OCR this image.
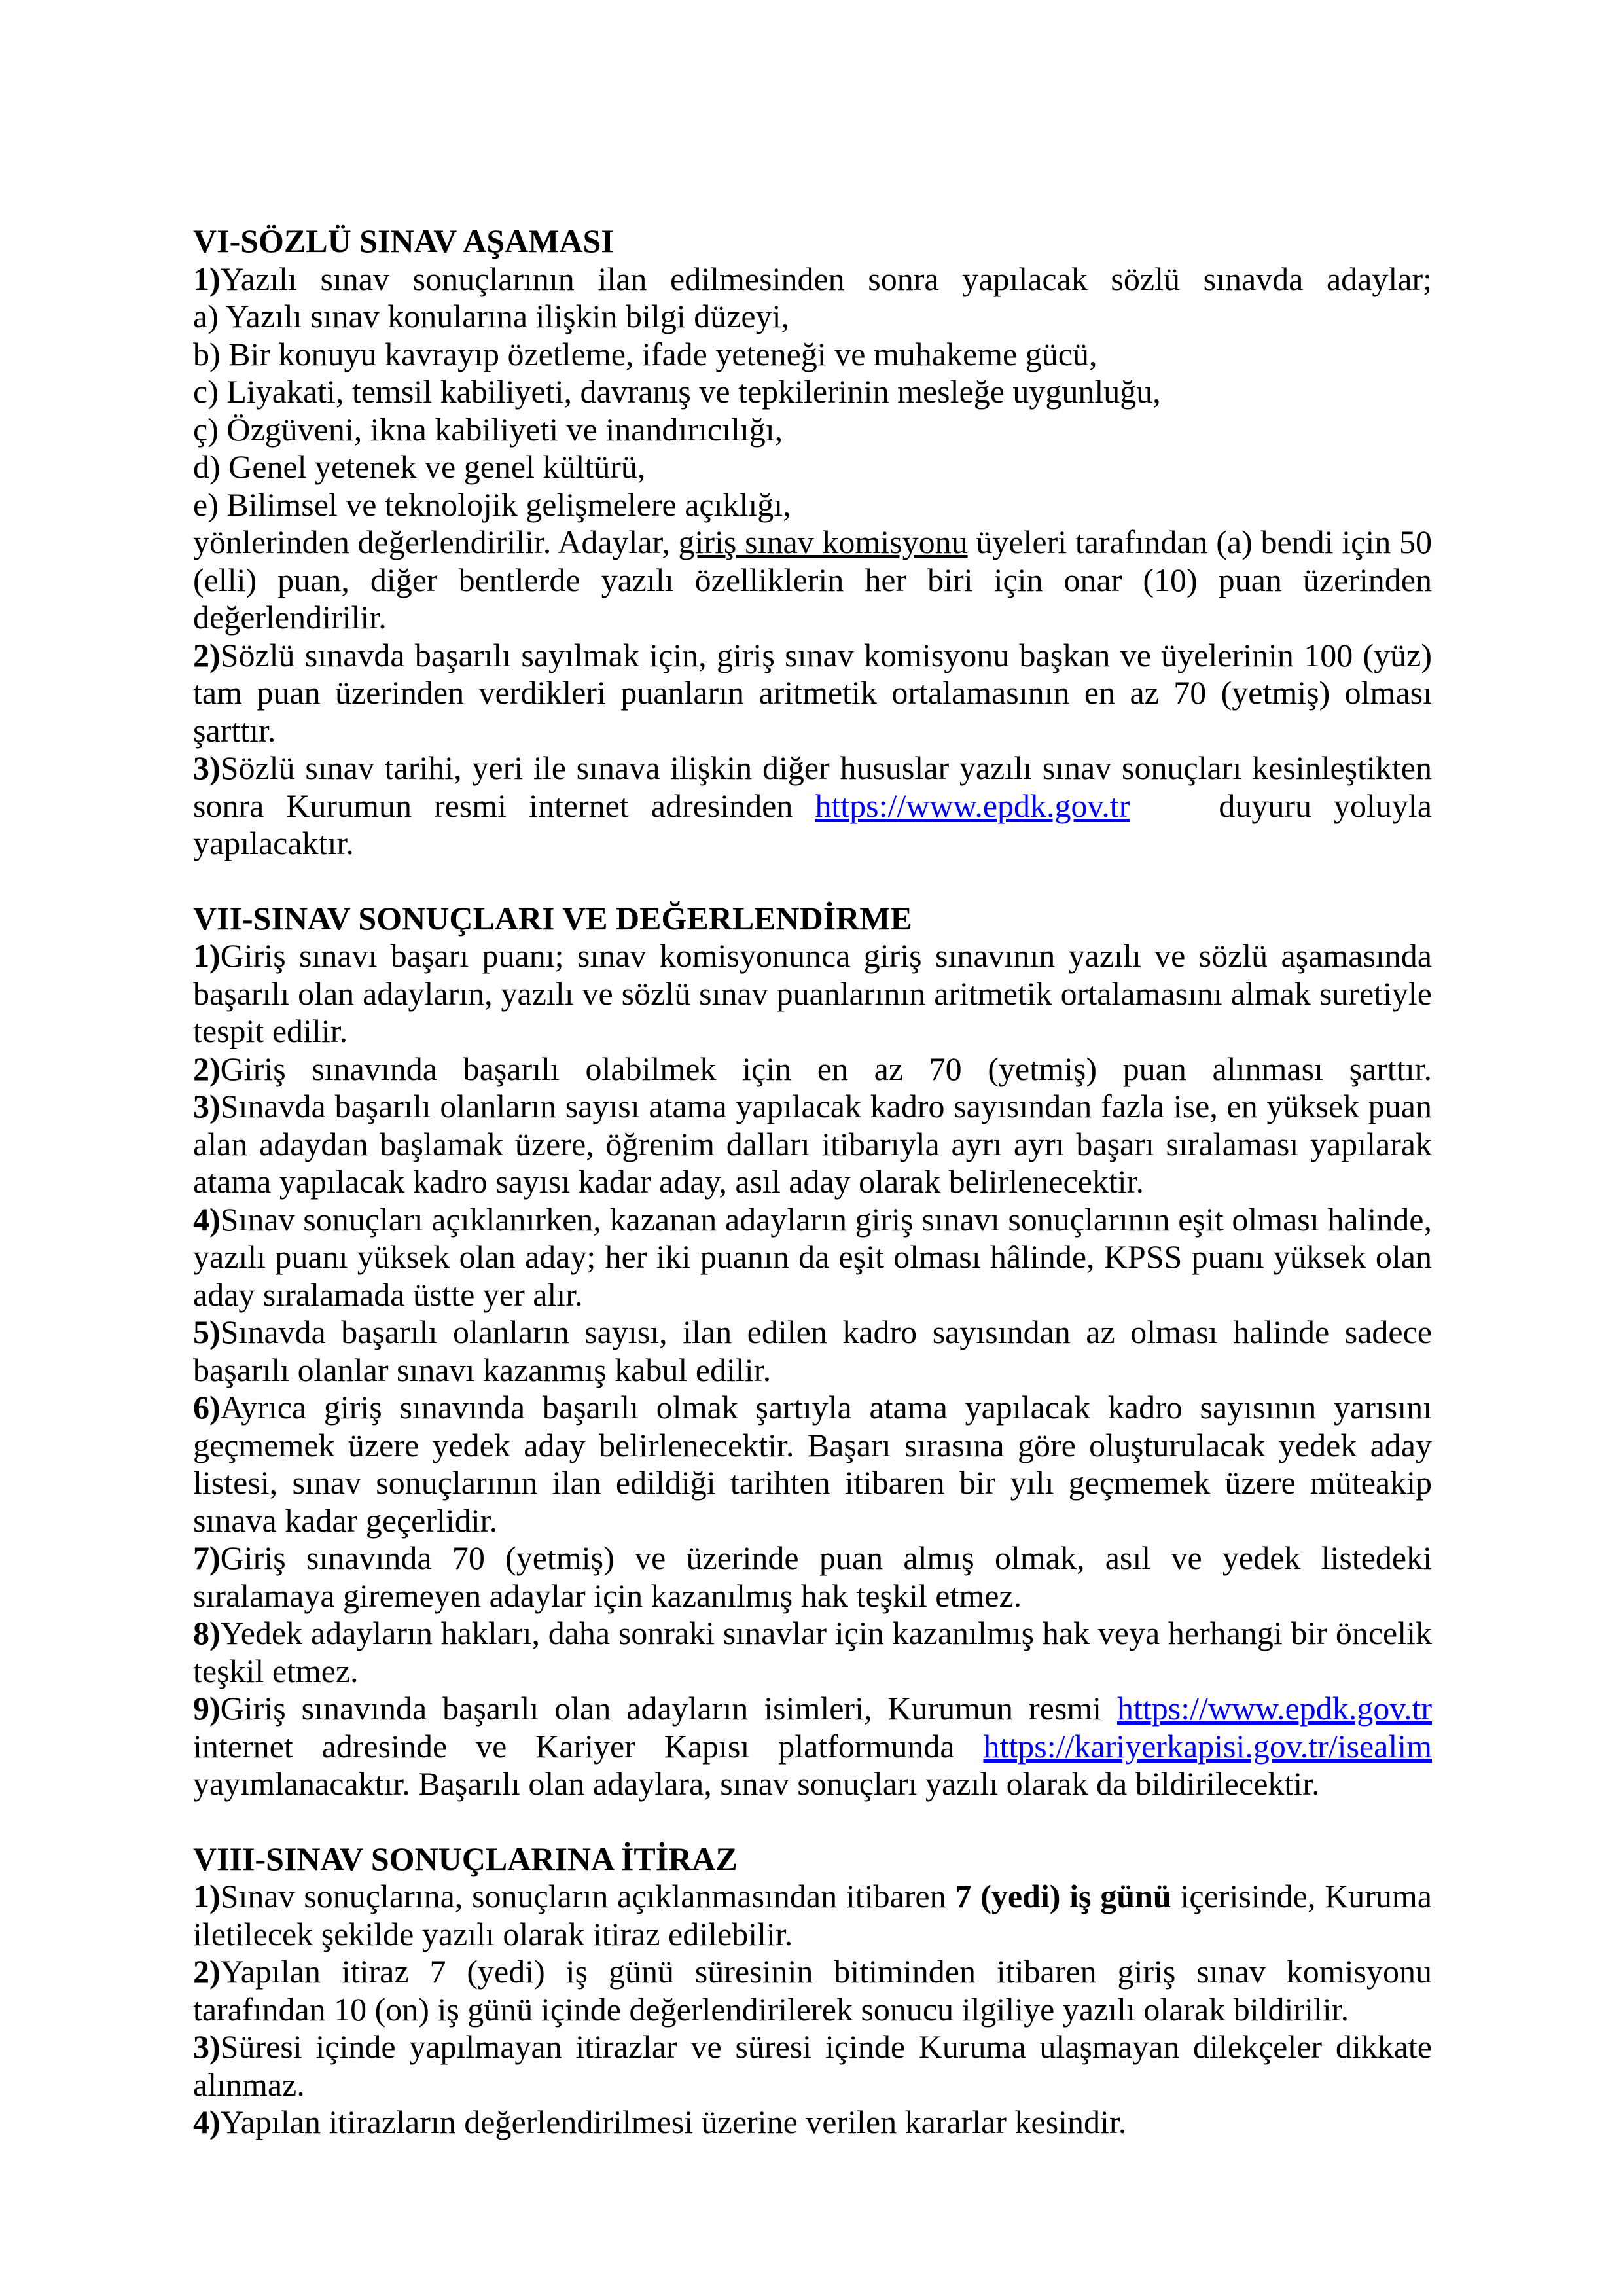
VI-SÖZLÜ SINAV AŞAMASI
1)Yazılı sınav sonuçlarının ilan edilmesinden sonra yapılacak sözlü sınavda adaylar;
a) Yazılı sınav konularına ilişkin bilgi düzeyi,
b) Bir konuyu kavrayıp özetleme, ifade yeteneği ve muhakeme gücü,
c) Liyakati, temsil kabiliyeti, davranış ve tepkilerinin mesleğe uygunluğu,
ç) Özgüveni, ikna kabiliyeti ve inandırıcılığı,
d) Genel yetenek ve genel kültürü,
e) Bilimsel ve teknolojik gelişmelere açıklığı,
yönlerinden değerlendirilir. Adaylar, giriş sınav komisyonu üyeleri tarafından (a) bendi için 50 (elli) puan, diğer bentlerde yazılı özelliklerin her biri için onar (10) puan üzerinden değerlendirilir.
2)Sözlü sınavda başarılı sayılmak için, giriş sınav komisyonu başkan ve üyelerinin 100 (yüz) tam puan üzerinden verdikleri puanların aritmetik ortalamasının en az 70 (yetmiş) olması şarttır.
3)Sözlü sınav tarihi, yeri ile sınava ilişkin diğer hususlar yazılı sınav sonuçları kesinleştikten sonra Kurumun resmi internet adresinden https://www.epdk.gov.tr    duyuru yoluyla yapılacaktır.
VII-SINAV SONUÇLARI VE DEĞERLENDİRME
1)Giriş sınavı başarı puanı; sınav komisyonunca giriş sınavının yazılı ve sözlü aşamasında başarılı olan adayların, yazılı ve sözlü sınav puanlarının aritmetik ortalamasını almak suretiyle tespit edilir.
2)Giriş sınavında başarılı olabilmek için en az 70 (yetmiş) puan alınması şarttır.
3)Sınavda başarılı olanların sayısı atama yapılacak kadro sayısından fazla ise, en yüksek puan alan adaydan başlamak üzere, öğrenim dalları itibarıyla ayrı ayrı başarı sıralaması yapılarak atama yapılacak kadro sayısı kadar aday, asıl aday olarak belirlenecektir.
4)Sınav sonuçları açıklanırken, kazanan adayların giriş sınavı sonuçlarının eşit olması halinde, yazılı puanı yüksek olan aday; her iki puanın da eşit olması hâlinde, KPSS puanı yüksek olan aday sıralamada üstte yer alır.
5)Sınavda başarılı olanların sayısı, ilan edilen kadro sayısından az olması halinde sadece başarılı olanlar sınavı kazanmış kabul edilir.
6)Ayrıca giriş sınavında başarılı olmak şartıyla atama yapılacak kadro sayısının yarısını geçmemek üzere yedek aday belirlenecektir. Başarı sırasına göre oluşturulacak yedek aday listesi, sınav sonuçlarının ilan edildiği tarihten itibaren bir yılı geçmemek üzere müteakip sınava kadar geçerlidir.
7)Giriş sınavında 70 (yetmiş) ve üzerinde puan almış olmak, asıl ve yedek listedeki sıralamaya giremeyen adaylar için kazanılmış hak teşkil etmez.
8)Yedek adayların hakları, daha sonraki sınavlar için kazanılmış hak veya herhangi bir öncelik teşkil etmez.
9)Giriş sınavında başarılı olan adayların isimleri, Kurumun resmi https://www.epdk.gov.tr internet adresinde ve Kariyer Kapısı platformunda https://kariyerkapisi.gov.tr/isealim yayımlanacaktır. Başarılı olan adaylara, sınav sonuçları yazılı olarak da bildirilecektir.
VIII-SINAV SONUÇLARINA İTİRAZ
1)Sınav sonuçlarına, sonuçların açıklanmasından itibaren 7 (yedi) iş günü içerisinde, Kuruma iletilecek şekilde yazılı olarak itiraz edilebilir.
2)Yapılan itiraz 7 (yedi) iş günü süresinin bitiminden itibaren giriş sınav komisyonu tarafından 10 (on) iş günü içinde değerlendirilerek sonucu ilgiliye yazılı olarak bildirilir.
3)Süresi içinde yapılmayan itirazlar ve süresi içinde Kuruma ulaşmayan dilekçeler dikkate alınmaz.
4)Yapılan itirazların değerlendirilmesi üzerine verilen kararlar kesindir.
